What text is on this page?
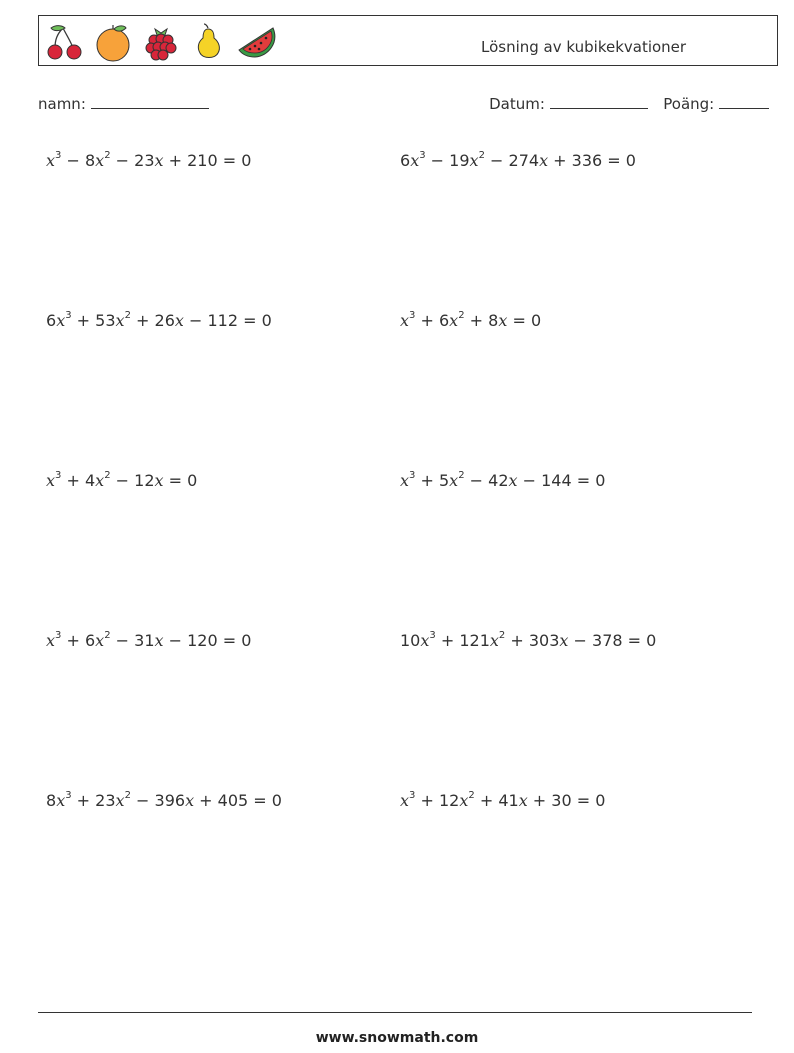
Lösning av kubikekvationer
namn:	Datum:	Poäng:
$x^3 - 8x^2 - 23x + 210 = 0$	$6x^3 - 19x^2 - 274x + 336 = 0$
$6x^3 + 53x^2 + 26x - 112 = 0$	$x^3 + 6x^2 + 8x = 0$
$x^3 + 4x^2 - 12x = 0$	$x^3 + 5x^2 - 42x - 144 = 0$
$x^3 + 6x^2 - 31x - 120 = 0$	$10x^3 + 121x^2 + 303x - 378 = 0$
$8x^3 + 23x^2 - 396x + 405 = 0$	$x^3 + 12x^2 + 41x + 30 = 0$
www.snowmath.com
